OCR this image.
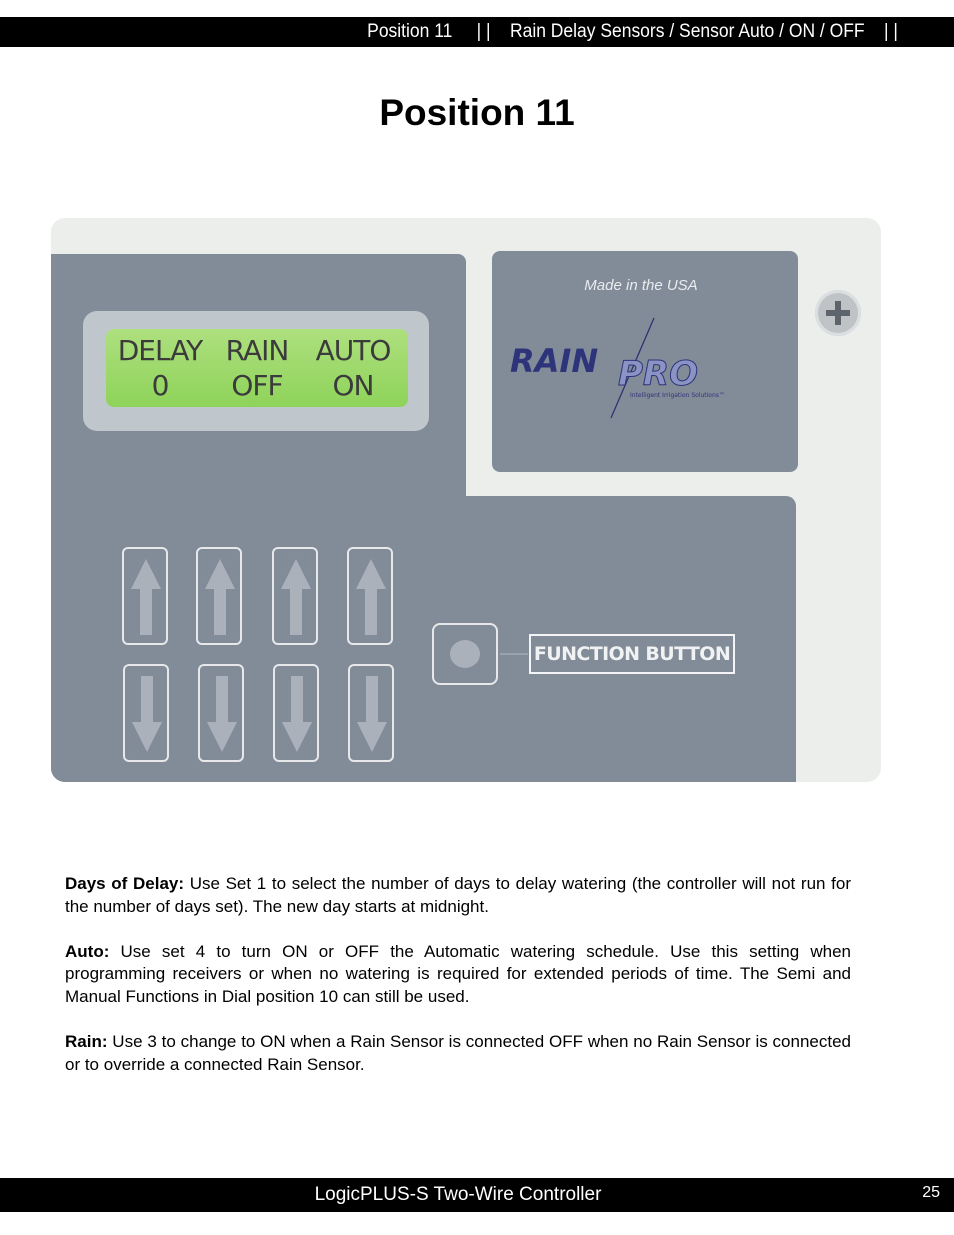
Position 11     | |    Rain Delay Sensors / Sensor Auto / ON / OFF    | |
Position 11
DELAY RAIN AUTO
0	OFF	ON
Made in the USA
RAIN PRO
Intelligent Irrigation Solutions™
FUNCTION BUTTON

Days of Delay: Use Set 1 to select the number of days to delay watering (the controller will not run for the number of days set). The new day starts at midnight.

Auto: Use set 4 to turn ON or OFF the Automatic watering schedule. Use this setting when programming receivers or when no watering is required for extended periods of time. The Semi and Manual Functions in Dial position 10 can still be used.

Rain: Use 3 to change to ON when a Rain Sensor is connected OFF when no Rain Sensor is connected or to override a connected Rain Sensor.

LogicPLUS-S Two-Wire Controller	25
